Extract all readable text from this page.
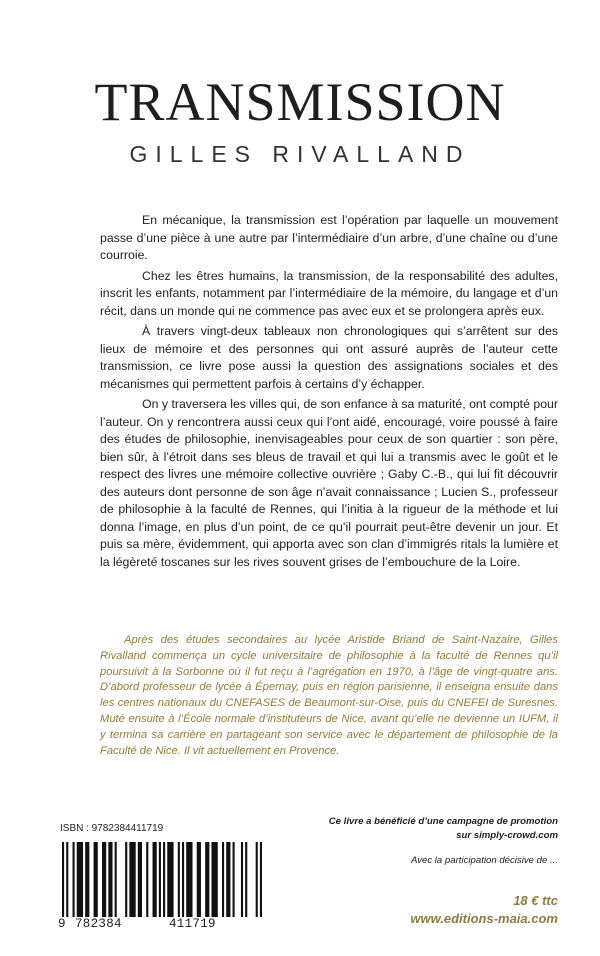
TRANSMISSION
GILLES RIVALLAND

En mécanique, la transmission est l’opération par laquelle un mouvement passe d’une pièce à une autre par l’intermédiaire d’un arbre, d’une chaîne ou d’une courroie.

Chez les êtres humains, la transmission, de la responsabilité des adultes, inscrit les enfants, notamment par l’intermédiaire de la mémoire, du langage et d’un récit, dans un monde qui ne commence pas avec eux et se prolongera après eux.

À travers vingt-deux tableaux non chronologiques qui s’arrêtent sur des lieux de mémoire et des personnes qui ont assuré auprès de l’auteur cette transmission, ce livre pose aussi la question des assignations sociales et des mécanismes qui permettent parfois à certains d’y échapper.

On y traversera les villes qui, de son enfance à sa maturité, ont compté pour l’auteur. On y rencontrera aussi ceux qui l’ont aidé, encouragé, voire poussé à faire des études de philosophie, inenvisageables pour ceux de son quartier : son père, bien sûr, à l’étroit dans ses bleus de travail et qui lui a transmis avec le goût et le respect des livres une mémoire collective ouvrière ; Gaby C.-B., qui lui fit découvrir des auteurs dont personne de son âge n’avait connaissance ; Lucien S., professeur de philosophie à la faculté de Rennes, qui l’initia à la rigueur de la méthode et lui donna l’image, en plus d’un point, de ce qu’il pourrait peut-être devenir un jour. Et puis sa mère, évidemment, qui apporta avec son clan d’immigrés ritals la lumière et la légèreté toscanes sur les rives souvent grises de l’embouchure de la Loire.

Après des études secondaires au lycée Aristide Briand de Saint-Nazaire, Gilles Rivalland commença un cycle universitaire de philosophie à la faculté de Rennes qu’il poursuivit à la Sorbonne où il fut reçu à l’agrégation en 1970, à l’âge de vingt-quatre ans. D’abord professeur de lycée à Épernay, puis en région parisienne, il enseigna ensuite dans les centres nationaux du CNEFASES de Beaumont-sur-Oise, puis du CNEFEI de Suresnes. Muté ensuite à l’École normale d’instituteurs de Nice, avant qu’elle ne devienne un IUFM, il y termina sa carrière en partageant son service avec le département de philosophie de la Faculté de Nice. Il vit actuellement en Provence.

ISBN : 9782384411719
9 782384	411719
Ce livre a bénéficié d’une campagne de promotion
sur simply-crowd.com
Avec la participation décisive de ...
18 € ttc
www.editions-maia.com
